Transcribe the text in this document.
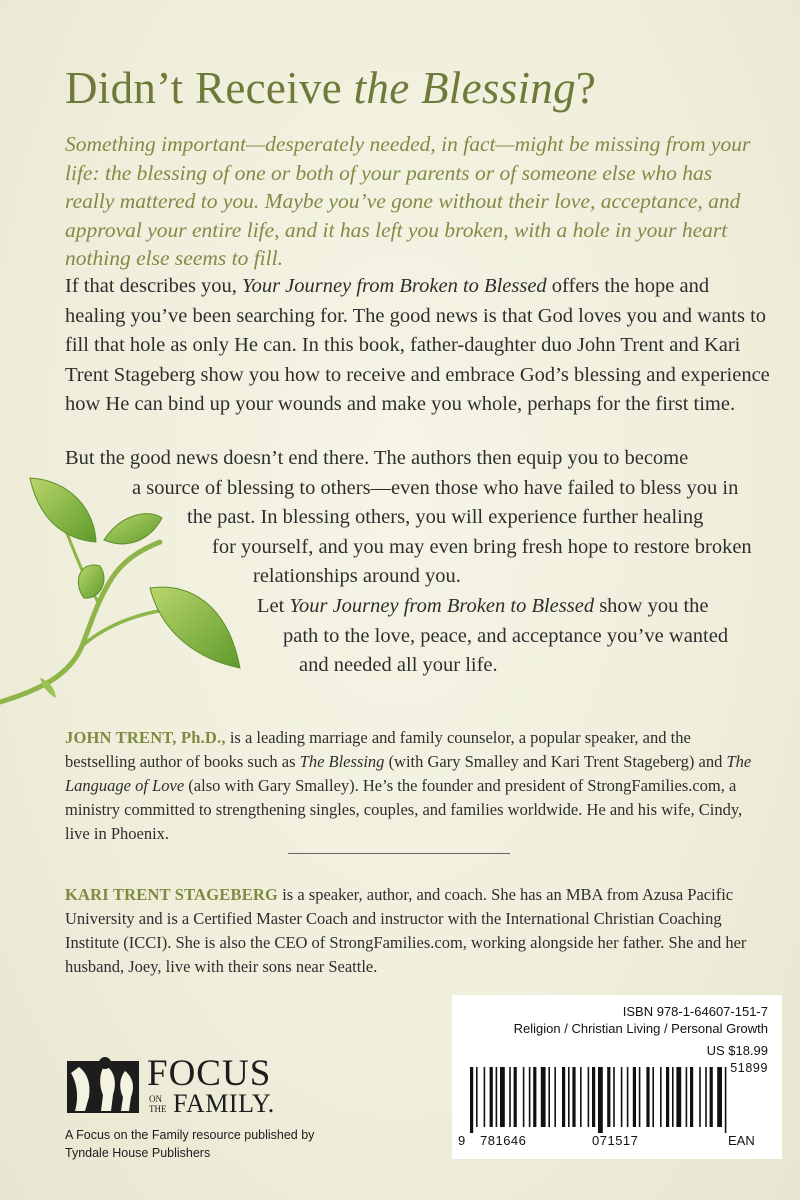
Didn’t Receive the Blessing?

Something important—desperately needed, in fact—might be missing from your life: the blessing of one or both of your parents or of someone else who has really mattered to you. Maybe you’ve gone without their love, acceptance, and approval your entire life, and it has left you broken, with a hole in your heart nothing else seems to fill.

If that describes you, Your Journey from Broken to Blessed offers the hope and healing you’ve been searching for. The good news is that God loves you and wants to fill that hole as only He can. In this book, father-daughter duo John Trent and Kari Trent Stageberg show you how to receive and embrace God’s blessing and experience how He can bind up your wounds and make you whole, perhaps for the first time.

But the good news doesn’t end there. The authors then equip you to become
a source of blessing to others—even those who have failed to bless you in
the past. In blessing others, you will experience further healing
for yourself, and you may even bring fresh hope to restore broken
relationships around you.

Let Your Journey from Broken to Blessed show you the
path to the love, peace, and acceptance you’ve wanted
and needed all your life.

JOHN TRENT, Ph.D., is a leading marriage and family counselor, a popular speaker, and the bestselling author of books such as The Blessing (with Gary Smalley and Kari Trent Stageberg) and The Language of Love (also with Gary Smalley). He’s the founder and president of StrongFamilies.com, a ministry committed to strengthening singles, couples, and families worldwide. He and his wife, Cindy, live in Phoenix.

KARI TRENT STAGEBERG is a speaker, author, and coach. She has an MBA from Azusa Pacific University and is a Certified Master Coach and instructor with the International Christian Coaching Institute (ICCI). She is also the CEO of StrongFamilies.com, working alongside her father. She and her husband, Joey, live with their sons near Seattle.

FOCUS

ON THE FAMILY.

A Focus on the Family resource published by Tyndale House Publishers

ISBN 978-1-64607-151-7

Religion / Christian Living / Personal Growth

US $18.99

51899

9 781646	071517	EAN
